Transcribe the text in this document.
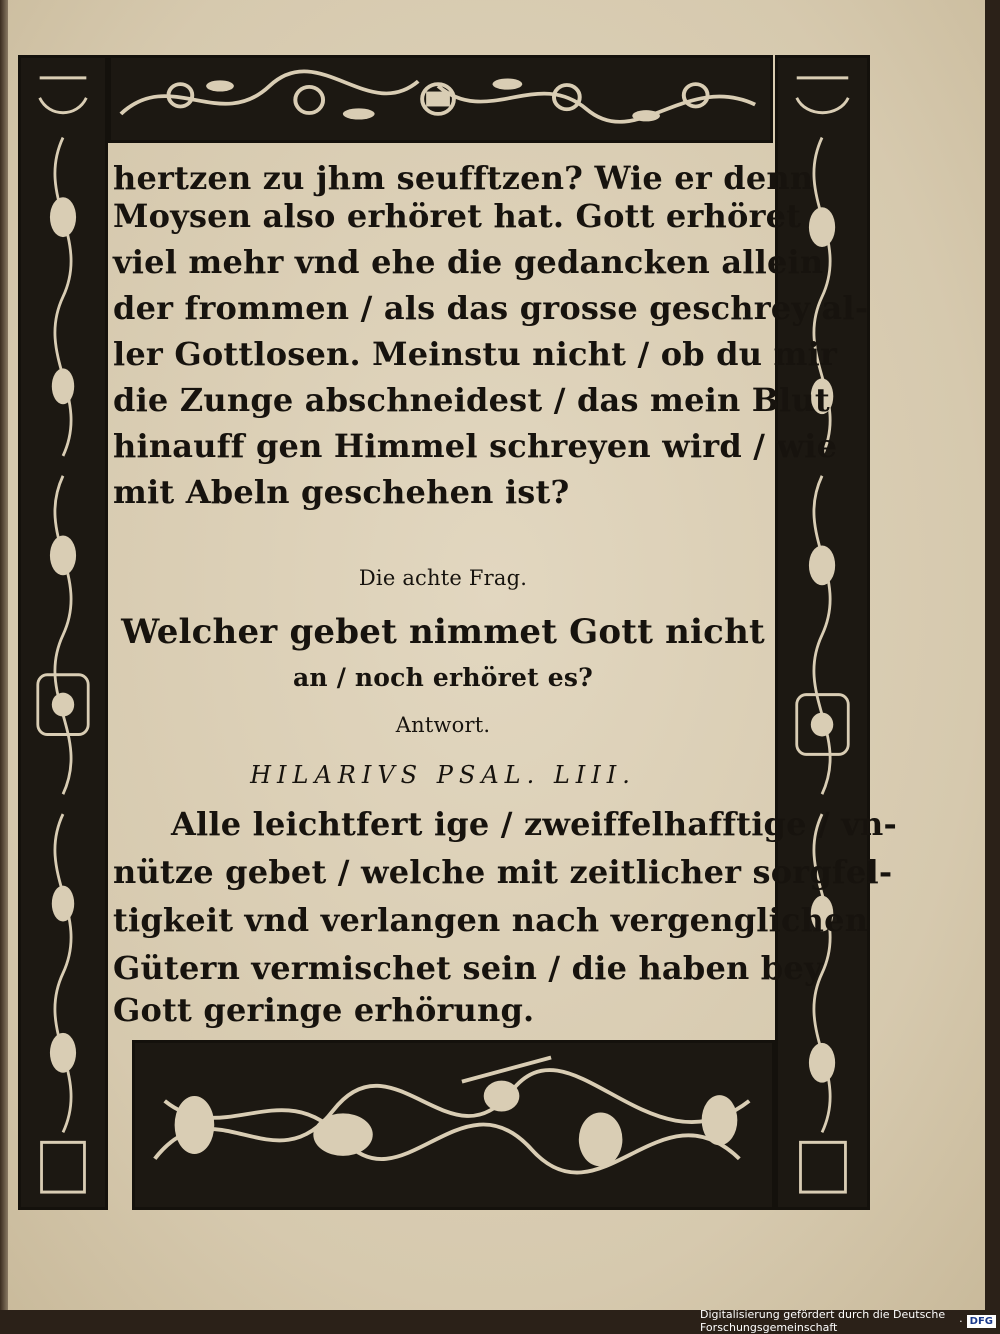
hertzen zu jhm seufftzen? Wie er denn
Moysen also erhöret hat. Gott erhöret
viel mehr vnd ehe die gedancken allein
der frommen / als das grosse geschrey al-
ler Gottlosen. Meinstu nicht / ob du mir
die Zunge abschneidest / das mein Blut
hinauff gen Himmel schreyen wird / wie
mit Abeln geschehen ist?
Die achte Frag.
Welcher gebet nimmet Gott nicht
an / noch erhöret es?
Antwort.
HILARIVS PSAL. LIII.
Alle leichtfert ige / zweiffelhafftige / vn-
nütze gebet / welche mit zeitlicher sorgfel-
tigkeit vnd verlangen nach vergenglichen
Gütern vermischet sein / die haben bey
Gott geringe erhörung.
Digitalisierung gefördert durch die Deutsche Forschungsgemeinschaft	· DFG
